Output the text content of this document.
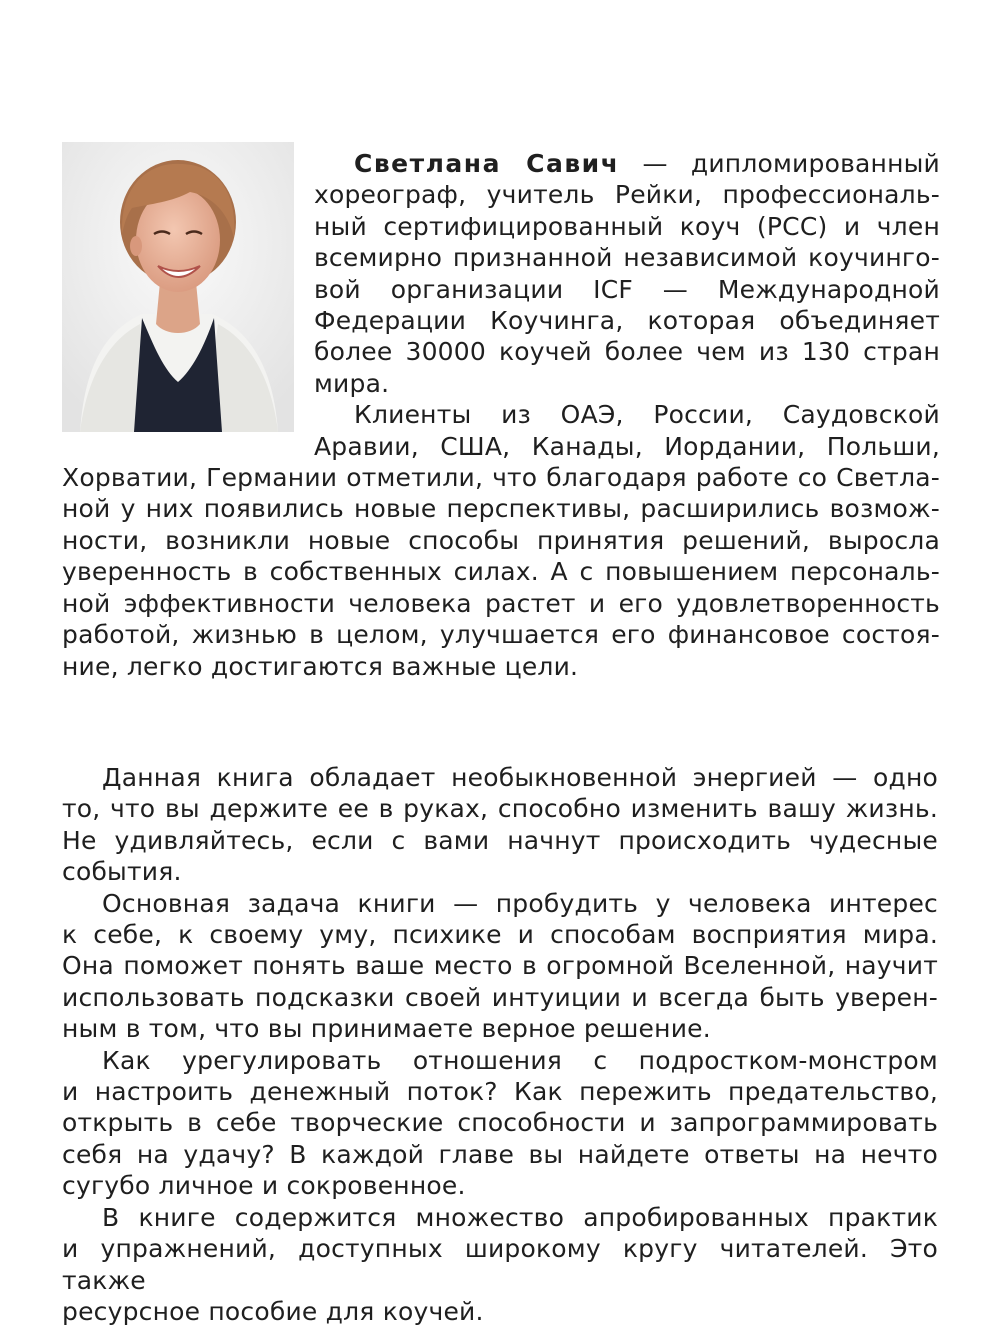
Светлана Савич — дипломированный
хореограф, учитель Рейки, профессиональ-
ный сертифицированный коуч (PCC) и член
всемирно признанной независимой коучинго-
вой организации ICF — Международной
Федерации Коучинга, которая объединяет
более 30000 коучей более чем из 130 стран
мира.

Клиенты из ОАЭ, России, Саудовской
Аравии, США, Канады, Иордании, Польши,
Хорватии, Германии отметили, что благодаря работе со Светла-
ной у них появились новые перспективы, расширились возмож-
ности, возникли новые способы принятия решений, выросла
уверенность в собственных силах. А с повышением персональ-
ной эффективности человека растет и его удовлетворенность
работой, жизнью в целом, улучшается его финансовое состоя-
ние, легко достигаются важные цели.

Данная книга обладает необыкновенной энергией — одно
то, что вы держите ее в руках, способно изменить вашу жизнь.
Не удивляйтесь, если с вами начнут происходить чудесные
события.

Основная задача книги — пробудить у человека интерес
к себе, к своему уму, психике и способам восприятия мира.
Она поможет понять ваше место в огромной Вселенной, научит
использовать подсказки своей интуиции и всегда быть уверен-
ным в том, что вы принимаете верное решение.

Как урегулировать отношения с подростком-монстром
и настроить денежный поток? Как пережить предательство,
открыть в себе творческие способности и запрограммировать
себя на удачу? В каждой главе вы найдете ответы на нечто
сугубо личное и сокровенное.

В книге содержится множество апробированных практик
и упражнений, доступных широкому кругу читателей. Это также
ресурсное пособие для коучей.
